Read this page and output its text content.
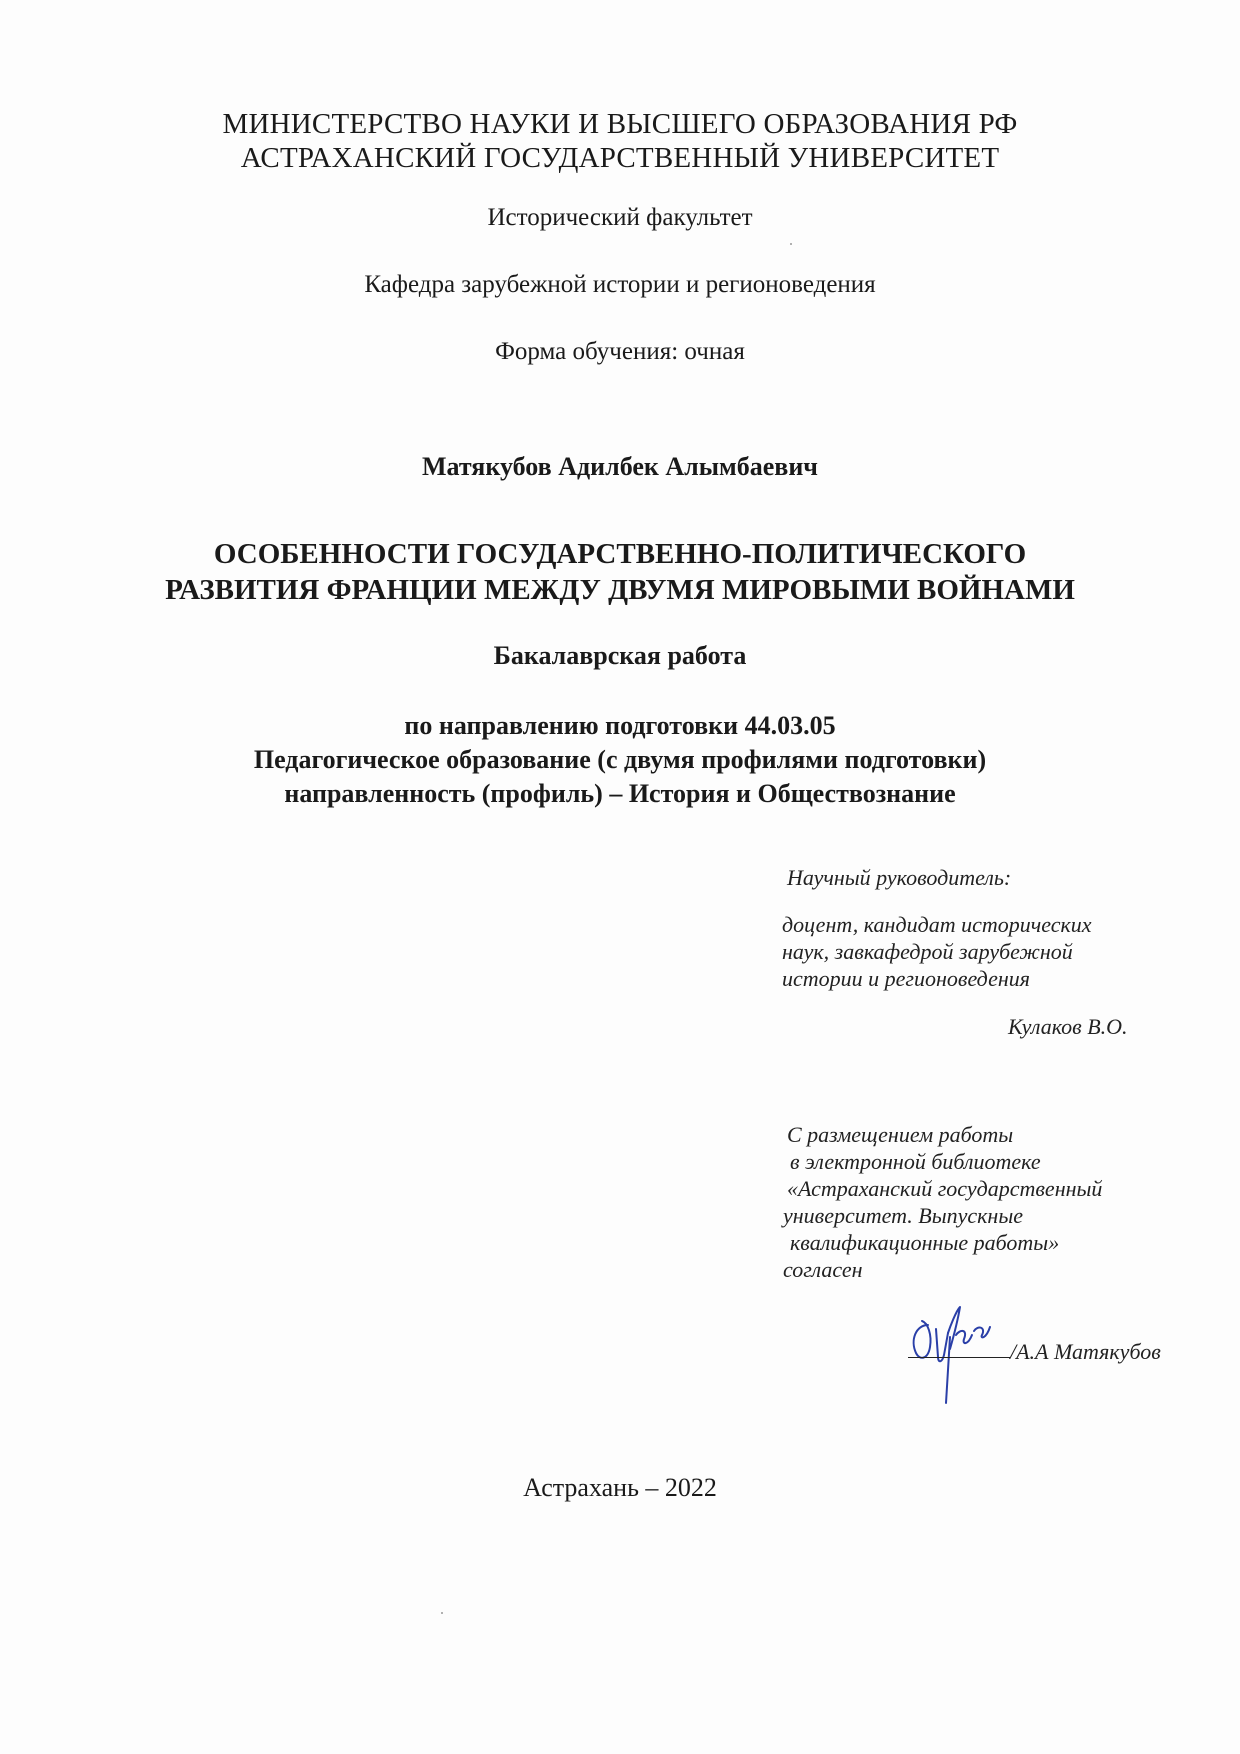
МИНИСТЕРСТВО НАУКИ И ВЫСШЕГО ОБРАЗОВАНИЯ РФ
АСТРАХАНСКИЙ ГОСУДАРСТВЕННЫЙ УНИВЕРСИТЕТ
Исторический факультет
Кафедра зарубежной истории и регионоведения
Форма обучения: очная
Матякубов Адилбек Алымбаевич
ОСОБЕННОСТИ ГОСУДАРСТВЕННО-ПОЛИТИЧЕСКОГО
РАЗВИТИЯ ФРАНЦИИ МЕЖДУ ДВУМЯ МИРОВЫМИ ВОЙНАМИ
Бакалаврская работа
по направлению подготовки 44.03.05
Педагогическое образование (с двумя профилями подготовки)
направленность (профиль) – История и Обществознание
Научный руководитель:
доцент, кандидат исторических
наук, завкафедрой зарубежной
истории и регионоведения
Кулаков В.О.
С размещением работы
в электронной библиотеке
«Астраханский государственный
университет. Выпускные
квалификационные работы»
согласен
/А.А Матякубов
Астрахань – 2022
